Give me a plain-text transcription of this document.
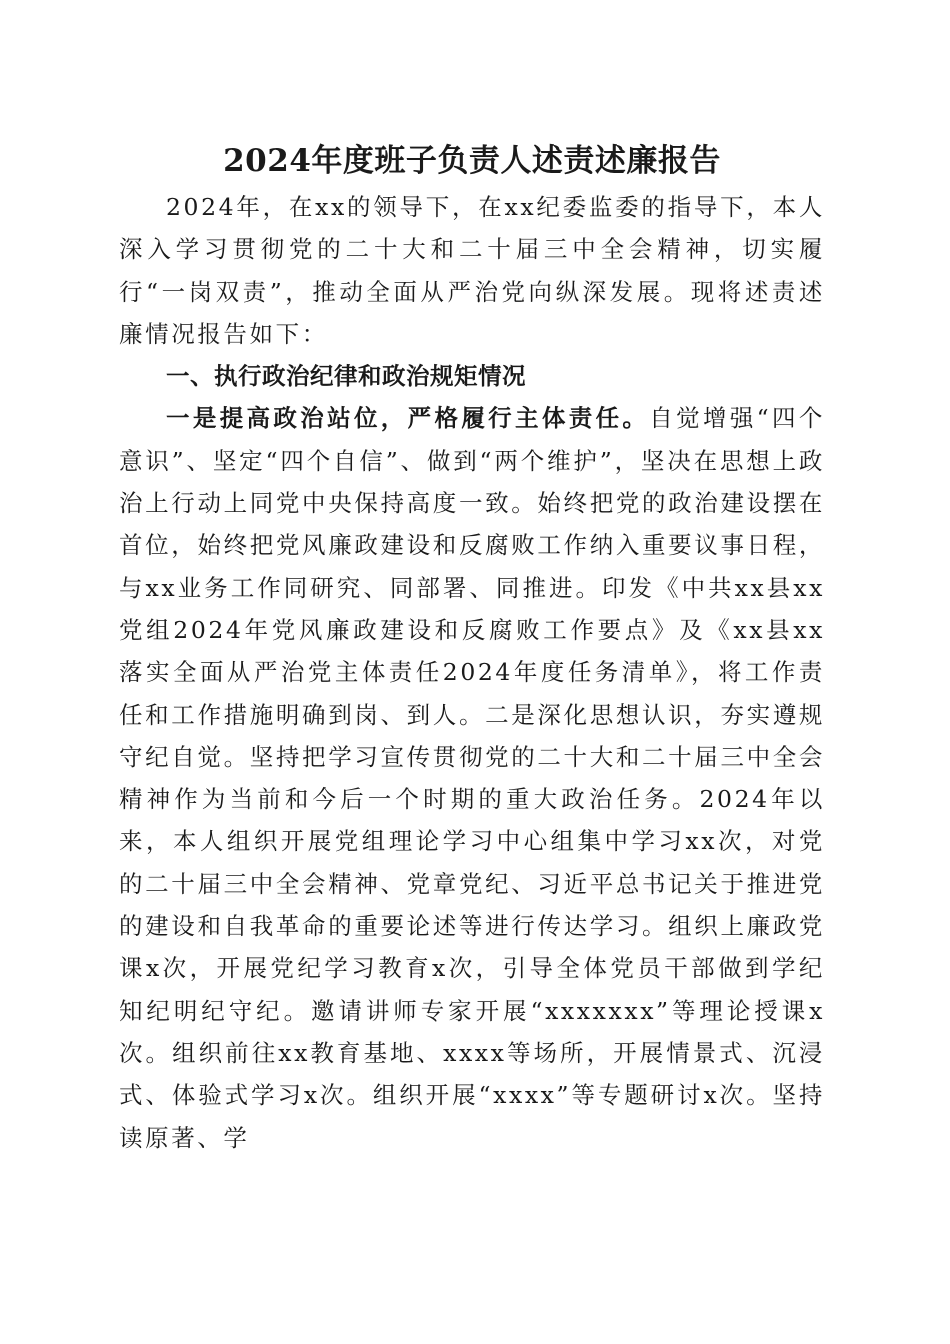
2024年度班子负责人述责述廉报告

2024年，在xx的领导下，在xx纪委监委的指导下，本人深入学习贯彻党的二十大和二十届三中全会精神，切实履行“一岗双责”，推动全面从严治党向纵深发展。现将述责述廉情况报告如下：

一、执行政治纪律和政治规矩情况

一是提高政治站位，严格履行主体责任。自觉增强“四个意识”、坚定“四个自信”、做到“两个维护”，坚决在思想上政治上行动上同党中央保持高度一致。始终把党的政治建设摆在首位，始终把党风廉政建设和反腐败工作纳入重要议事日程，与xx业务工作同研究、同部署、同推进。印发《中共xx县xx党组2024年党风廉政建设和反腐败工作要点》及《xx县xx落实全面从严治党主体责任2024年度任务清单》，将工作责任和工作措施明确到岗、到人。二是深化思想认识，夯实遵规守纪自觉。坚持把学习宣传贯彻党的二十大和二十届三中全会精神作为当前和今后一个时期的重大政治任务。2024年以来，本人组织开展党组理论学习中心组集中学习xx次，对党的二十届三中全会精神、党章党纪、习近平总书记关于推进党的建设和自我革命的重要论述等进行传达学习。组织上廉政党课x次，开展党纪学习教育x次，引导全体党员干部做到学纪知纪明纪守纪。邀请讲师专家开展“xxxxxxx”等理论授课x次。组织前往xx教育基地、xxxx等场所，开展情景式、沉浸式、体验式学习x次。组织开展“xxxx”等专题研讨x次。坚持读原著、学
